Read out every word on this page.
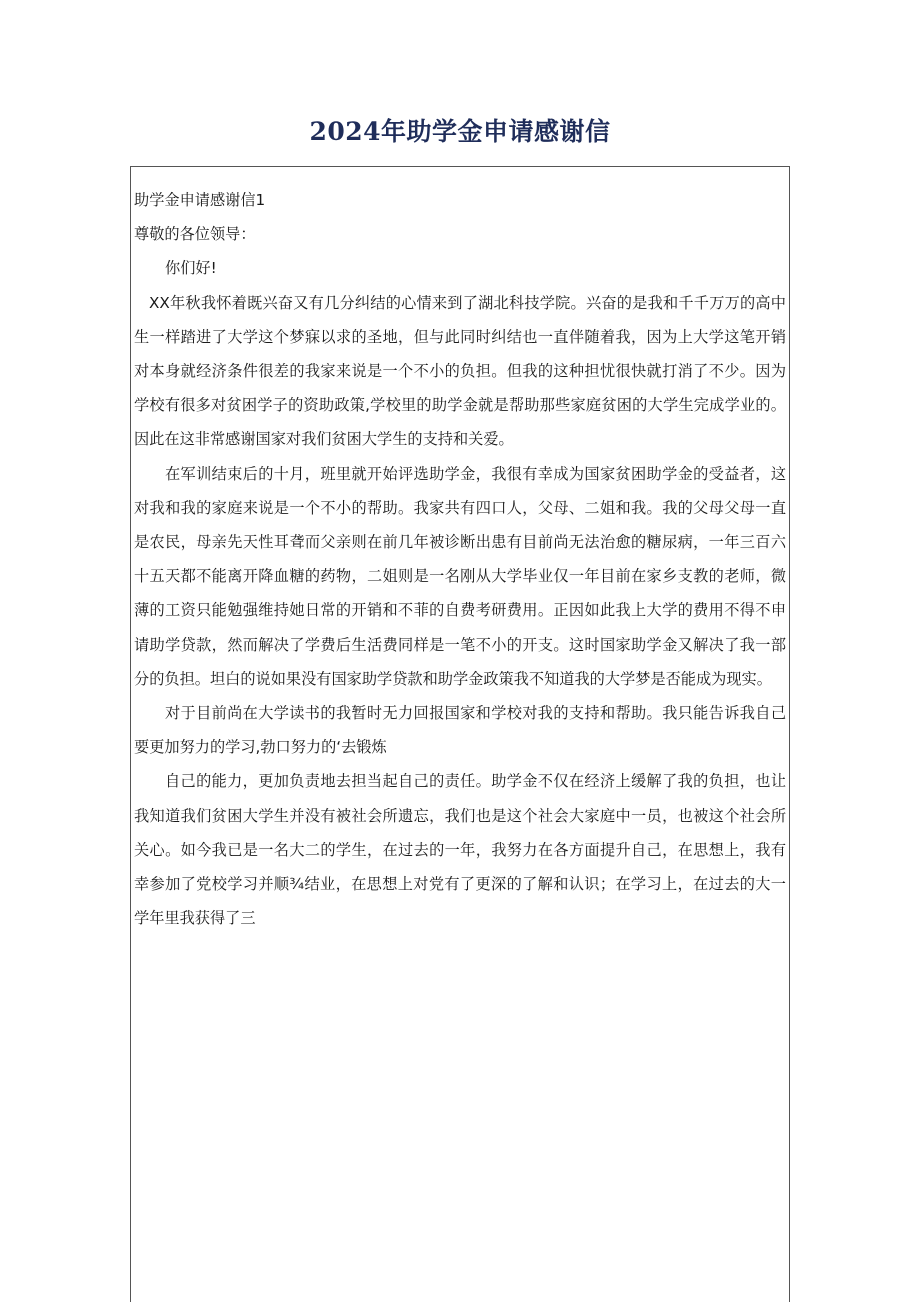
2024年助学金申请感谢信

助学金申请感谢信1

尊敬的各位领导：

你们好!

XX年秋我怀着既兴奋又有几分纠结的心情来到了湖北科技学院。兴奋的是我和千千万万的高中生一样踏进了大学这个梦寐以求的圣地，但与此同时纠结也一直伴随着我，因为上大学这笔开销对本身就经济条件很差的我家来说是一个不小的负担。但我的这种担忧很快就打消了不少。因为学校有很多对贫困学子的资助政策,学校里的助学金就是帮助那些家庭贫困的大学生完成学业的。因此在这非常感谢国家对我们贫困大学生的支持和关爱。

在军训结束后的十月，班里就开始评选助学金，我很有幸成为国家贫困助学金的受益者，这对我和我的家庭来说是一个不小的帮助。我家共有四口人，父母、二姐和我。我的父母父母一直是农民，母亲先天性耳聋而父亲则在前几年被诊断出患有目前尚无法治愈的糖尿病，一年三百六十五天都不能离开降血糖的药物，二姐则是一名刚从大学毕业仅一年目前在家乡支教的老师，微薄的工资只能勉强维持她日常的开销和不菲的自费考研费用。正因如此我上大学的费用不得不申请助学贷款，然而解决了学费后生活费同样是一笔不小的开支。这时国家助学金又解决了我一部分的负担。坦白的说如果没有国家助学贷款和助学金政策我不知道我的大学梦是否能成为现实。

对于目前尚在大学读书的我暂时无力回报国家和学校对我的支持和帮助。我只能告诉我自己要更加努力的学习,勃口努力的‘去锻炼

自己的能力，更加负责地去担当起自己的责任。助学金不仅在经济上缓解了我的负担，也让我知道我们贫困大学生并没有被社会所遗忘，我们也是这个社会大家庭中一员，也被这个社会所关心。如今我已是一名大二的学生，在过去的一年，我努力在各方面提升自己，在思想上，我有幸参加了党校学习并顺¾结业，在思想上对党有了更深的了解和认识；在学习上，在过去的大一学年里我获得了三
